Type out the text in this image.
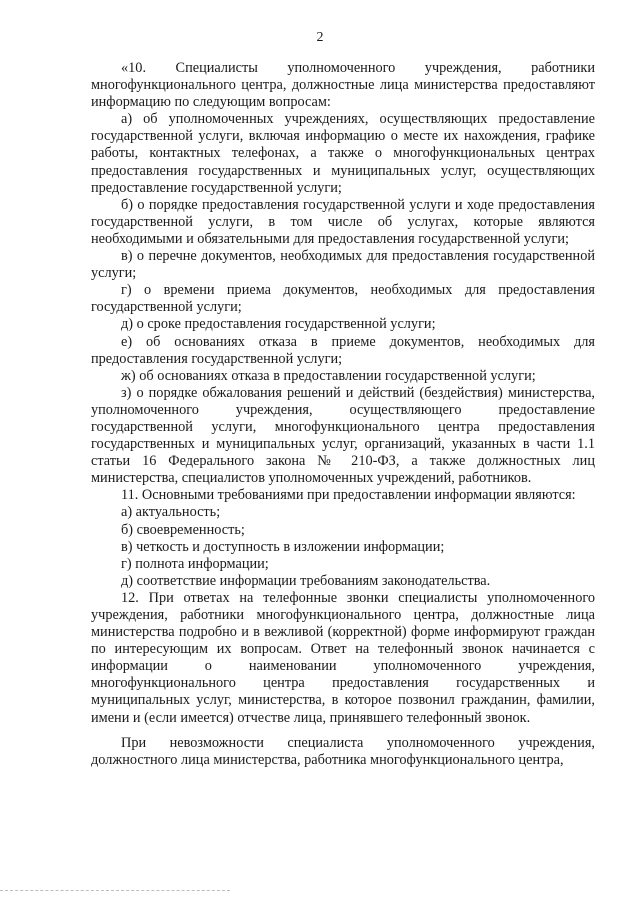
2

«10. Специалисты уполномоченного учреждения, работники многофункционального центра, должностные лица министерства предоставляют информацию по следующим вопросам:

а) об уполномоченных учреждениях, осуществляющих предоставление государственной услуги, включая информацию о месте их нахождения, графике работы, контактных телефонах, а также о многофункциональных центрах предоставления государственных и муниципальных услуг, осуществляющих предоставление государственной услуги;

б) о порядке предоставления государственной услуги и ходе предоставления государственной услуги, в том числе об услугах, которые являются необходимыми и обязательными для предоставления государственной услуги;

в) о перечне документов, необходимых для предоставления государственной услуги;

г) о времени приема документов, необходимых для предоставления государственной услуги;

д) о сроке предоставления государственной услуги;

е) об основаниях отказа в приеме документов, необходимых для предоставления государственной услуги;

ж) об основаниях отказа в предоставлении государственной услуги;

з) о порядке обжалования решений и действий (бездействия) министерства, уполномоченного учреждения, осуществляющего предоставление государственной услуги, многофункционального центра предоставления государственных и муниципальных услуг, организаций, указанных в части 1.1 статьи 16 Федерального закона № 210-ФЗ, а также должностных лиц министерства, специалистов уполномоченных учреждений, работников.

11. Основными требованиями при предоставлении информации являются:

а) актуальность;

б) своевременность;

в) четкость и доступность в изложении информации;

г) полнота информации;

д) соответствие информации требованиям законодательства.

12. При ответах на телефонные звонки специалисты уполномоченного учреждения, работники многофункционального центра, должностные лица министерства подробно и в вежливой (корректной) форме информируют граждан по интересующим их вопросам. Ответ на телефонный звонок начинается с информации о наименовании уполномоченного учреждения, многофункционального центра предоставления государственных и муниципальных услуг, министерства, в которое позвонил гражданин, фамилии, имени и (если имеется) отчестве лица, принявшего телефонный звонок.

При невозможности специалиста уполномоченного учреждения, должностного лица министерства, работника многофункционального центра,
